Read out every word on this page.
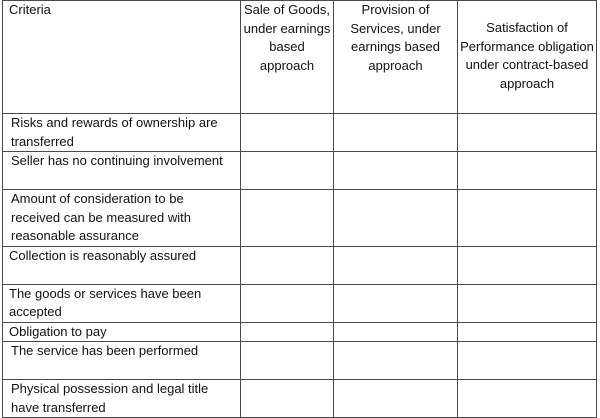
Criteria	Sale of Goods, under earnings based approach	Provision of Services, under earnings based approach	Satisfaction of Performance obligation under contract-based approach
Risks and rewards of ownership are transferred			
Seller has no continuing involvement			
Amount of consideration to be received can be measured with reasonable assurance			
Collection is reasonably assured			
The goods or services have been accepted			
Obligation to pay			
The service has been performed			
Physical possession and legal title have transferred			
